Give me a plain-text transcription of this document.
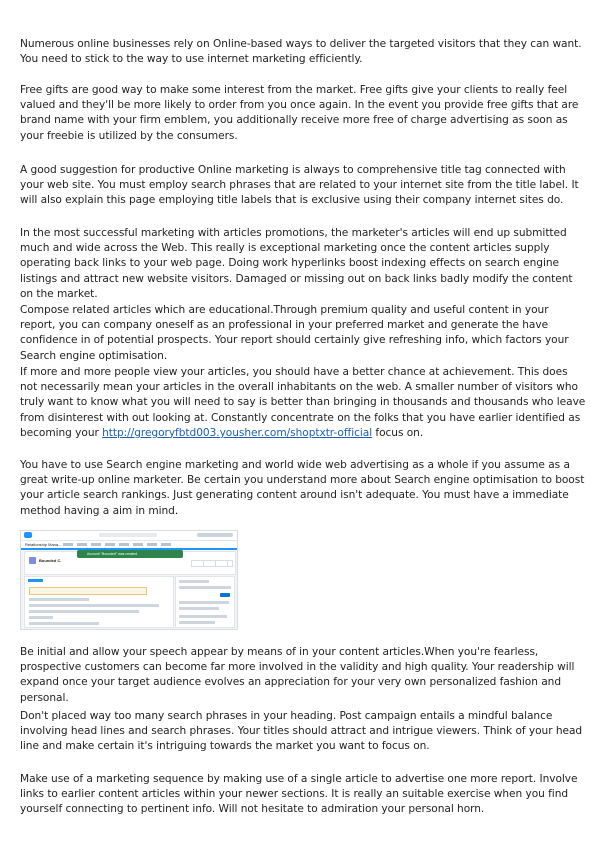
Numerous online businesses rely on Online-based ways to deliver the targeted visitors that they can want. You need to stick to the way to use internet marketing efficiently.

Free gifts are good way to make some interest from the market. Free gifts give your clients to really feel valued and they'll be more likely to order from you once again. In the event you provide free gifts that are brand name with your firm emblem, you additionally receive more free of charge advertising as soon as your freebie is utilized by the consumers.

A good suggestion for productive Online marketing is always to comprehensive title tag connected with your web site. You must employ search phrases that are related to your internet site from the title label. It will also explain this page employing title labels that is exclusive using their company internet sites do.

In the most successful marketing with articles promotions, the marketer's articles will end up submitted much and wide across the Web. This really is exceptional marketing once the content articles supply operating back links to your web page. Doing work hyperlinks boost indexing effects on search engine listings and attract new website visitors. Damaged or missing out on back links badly modify the content on the market.

Compose related articles which are educational.Through premium quality and useful content in your report, you can company oneself as an professional in your preferred market and generate the have confidence in of potential prospects. Your report should certainly give refreshing info, which factors your Search engine optimisation.

If more and more people view your articles, you should have a better chance at achievement. This does not necessarily mean your articles in the overall inhabitants on the web. A smaller number of visitors who truly want to know what you will need to say is better than bringing in thousands and thousands who leave from disinterest with out looking at. Constantly concentrate on the folks that you have earlier identified as becoming your http://gregoryfbtd003.yousher.com/shoptxtr-official focus on.

You have to use Search engine marketing and world wide web advertising as a whole if you assume as a great write-up online marketer. Be certain you understand more about Search engine optimisation to boost your article search rankings. Just generating content around isn't adequate. You must have a immediate method having a aim in mind.

Relationship Mana...
Bounded C.
Account "Bounded" was created.

Be initial and allow your speech appear by means of in your content articles.When you're fearless, prospective customers can become far more involved in the validity and high quality. Your readership will expand once your target audience evolves an appreciation for your very own personalized fashion and personal.

Don't placed way too many search phrases in your heading. Post campaign entails a mindful balance involving head lines and search phrases. Your titles should attract and intrigue viewers. Think of your head line and make certain it's intriguing towards the market you want to focus on.

Make use of a marketing sequence by making use of a single article to advertise one more report. Involve links to earlier content articles within your newer sections. It is really an suitable exercise when you find yourself connecting to pertinent info. Will not hesitate to admiration your personal horn.
